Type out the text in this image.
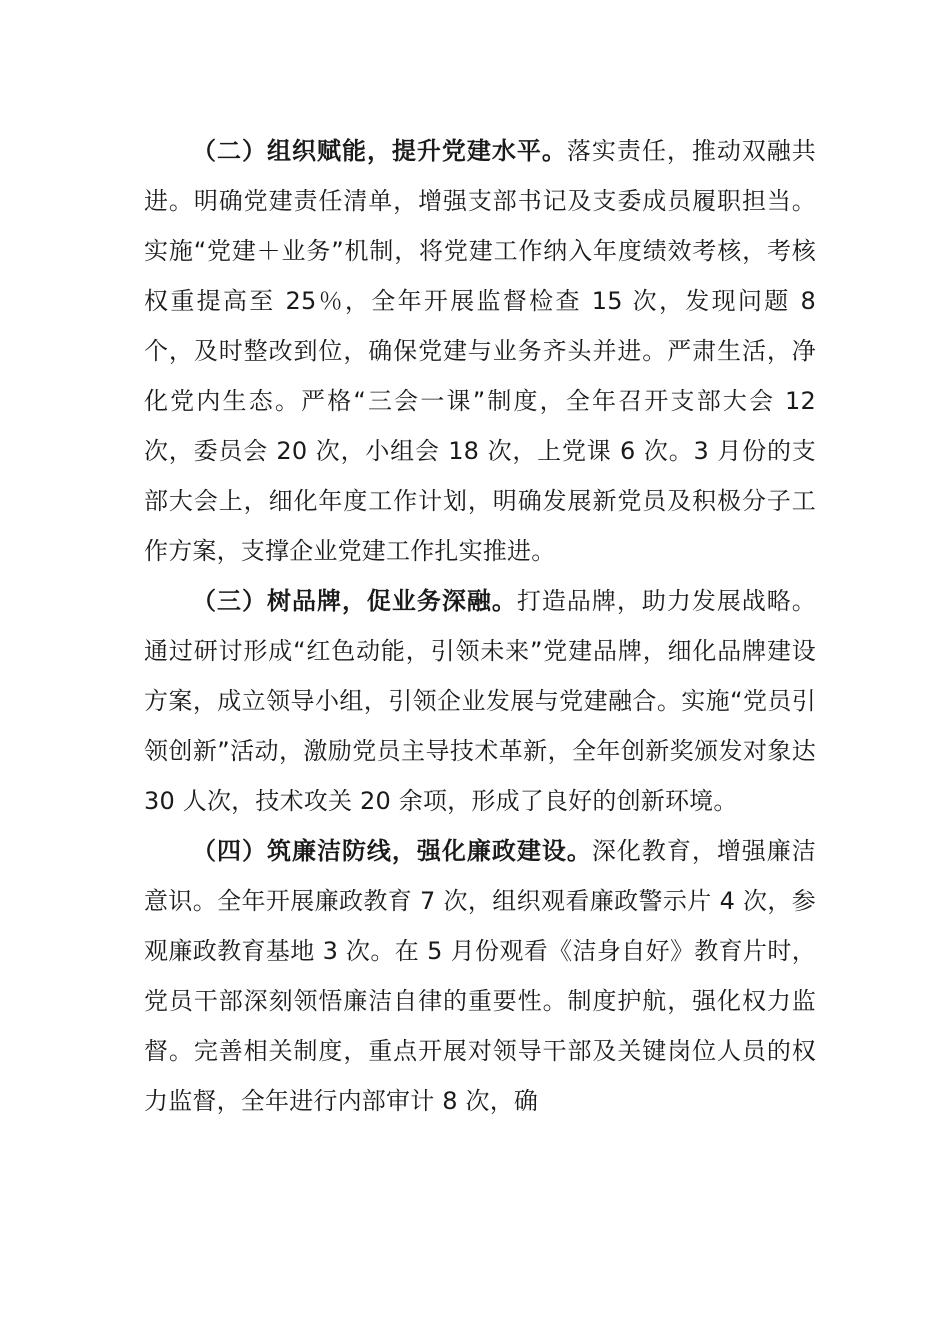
（二）组织赋能，提升党建水平。落实责任，推动双融共进。明确党建责任清单，增强支部书记及支委成员履职担当。实施“党建＋业务”机制，将党建工作纳入年度绩效考核，考核权重提高至 25％，全年开展监督检查 15 次，发现问题 8 个，及时整改到位，确保党建与业务齐头并进。严肃生活，净化党内生态。严格“三会一课”制度，全年召开支部大会 12 次，委员会 20 次，小组会 18 次，上党课 6 次。3 月份的支部大会上，细化年度工作计划，明确发展新党员及积极分子工作方案，支撑企业党建工作扎实推进。

（三）树品牌，促业务深融。打造品牌，助力发展战略。通过研讨形成“红色动能，引领未来”党建品牌，细化品牌建设方案，成立领导小组，引领企业发展与党建融合。实施“党员引领创新”活动，激励党员主导技术革新，全年创新奖颁发对象达 30 人次，技术攻关 20 余项，形成了良好的创新环境。

（四）筑廉洁防线，强化廉政建设。深化教育，增强廉洁意识。全年开展廉政教育 7 次，组织观看廉政警示片 4 次，参观廉政教育基地 3 次。在 5 月份观看《洁身自好》教育片时，党员干部深刻领悟廉洁自律的重要性。制度护航，强化权力监督。完善相关制度，重点开展对领导干部及关键岗位人员的权力监督，全年进行内部审计 8 次，确
